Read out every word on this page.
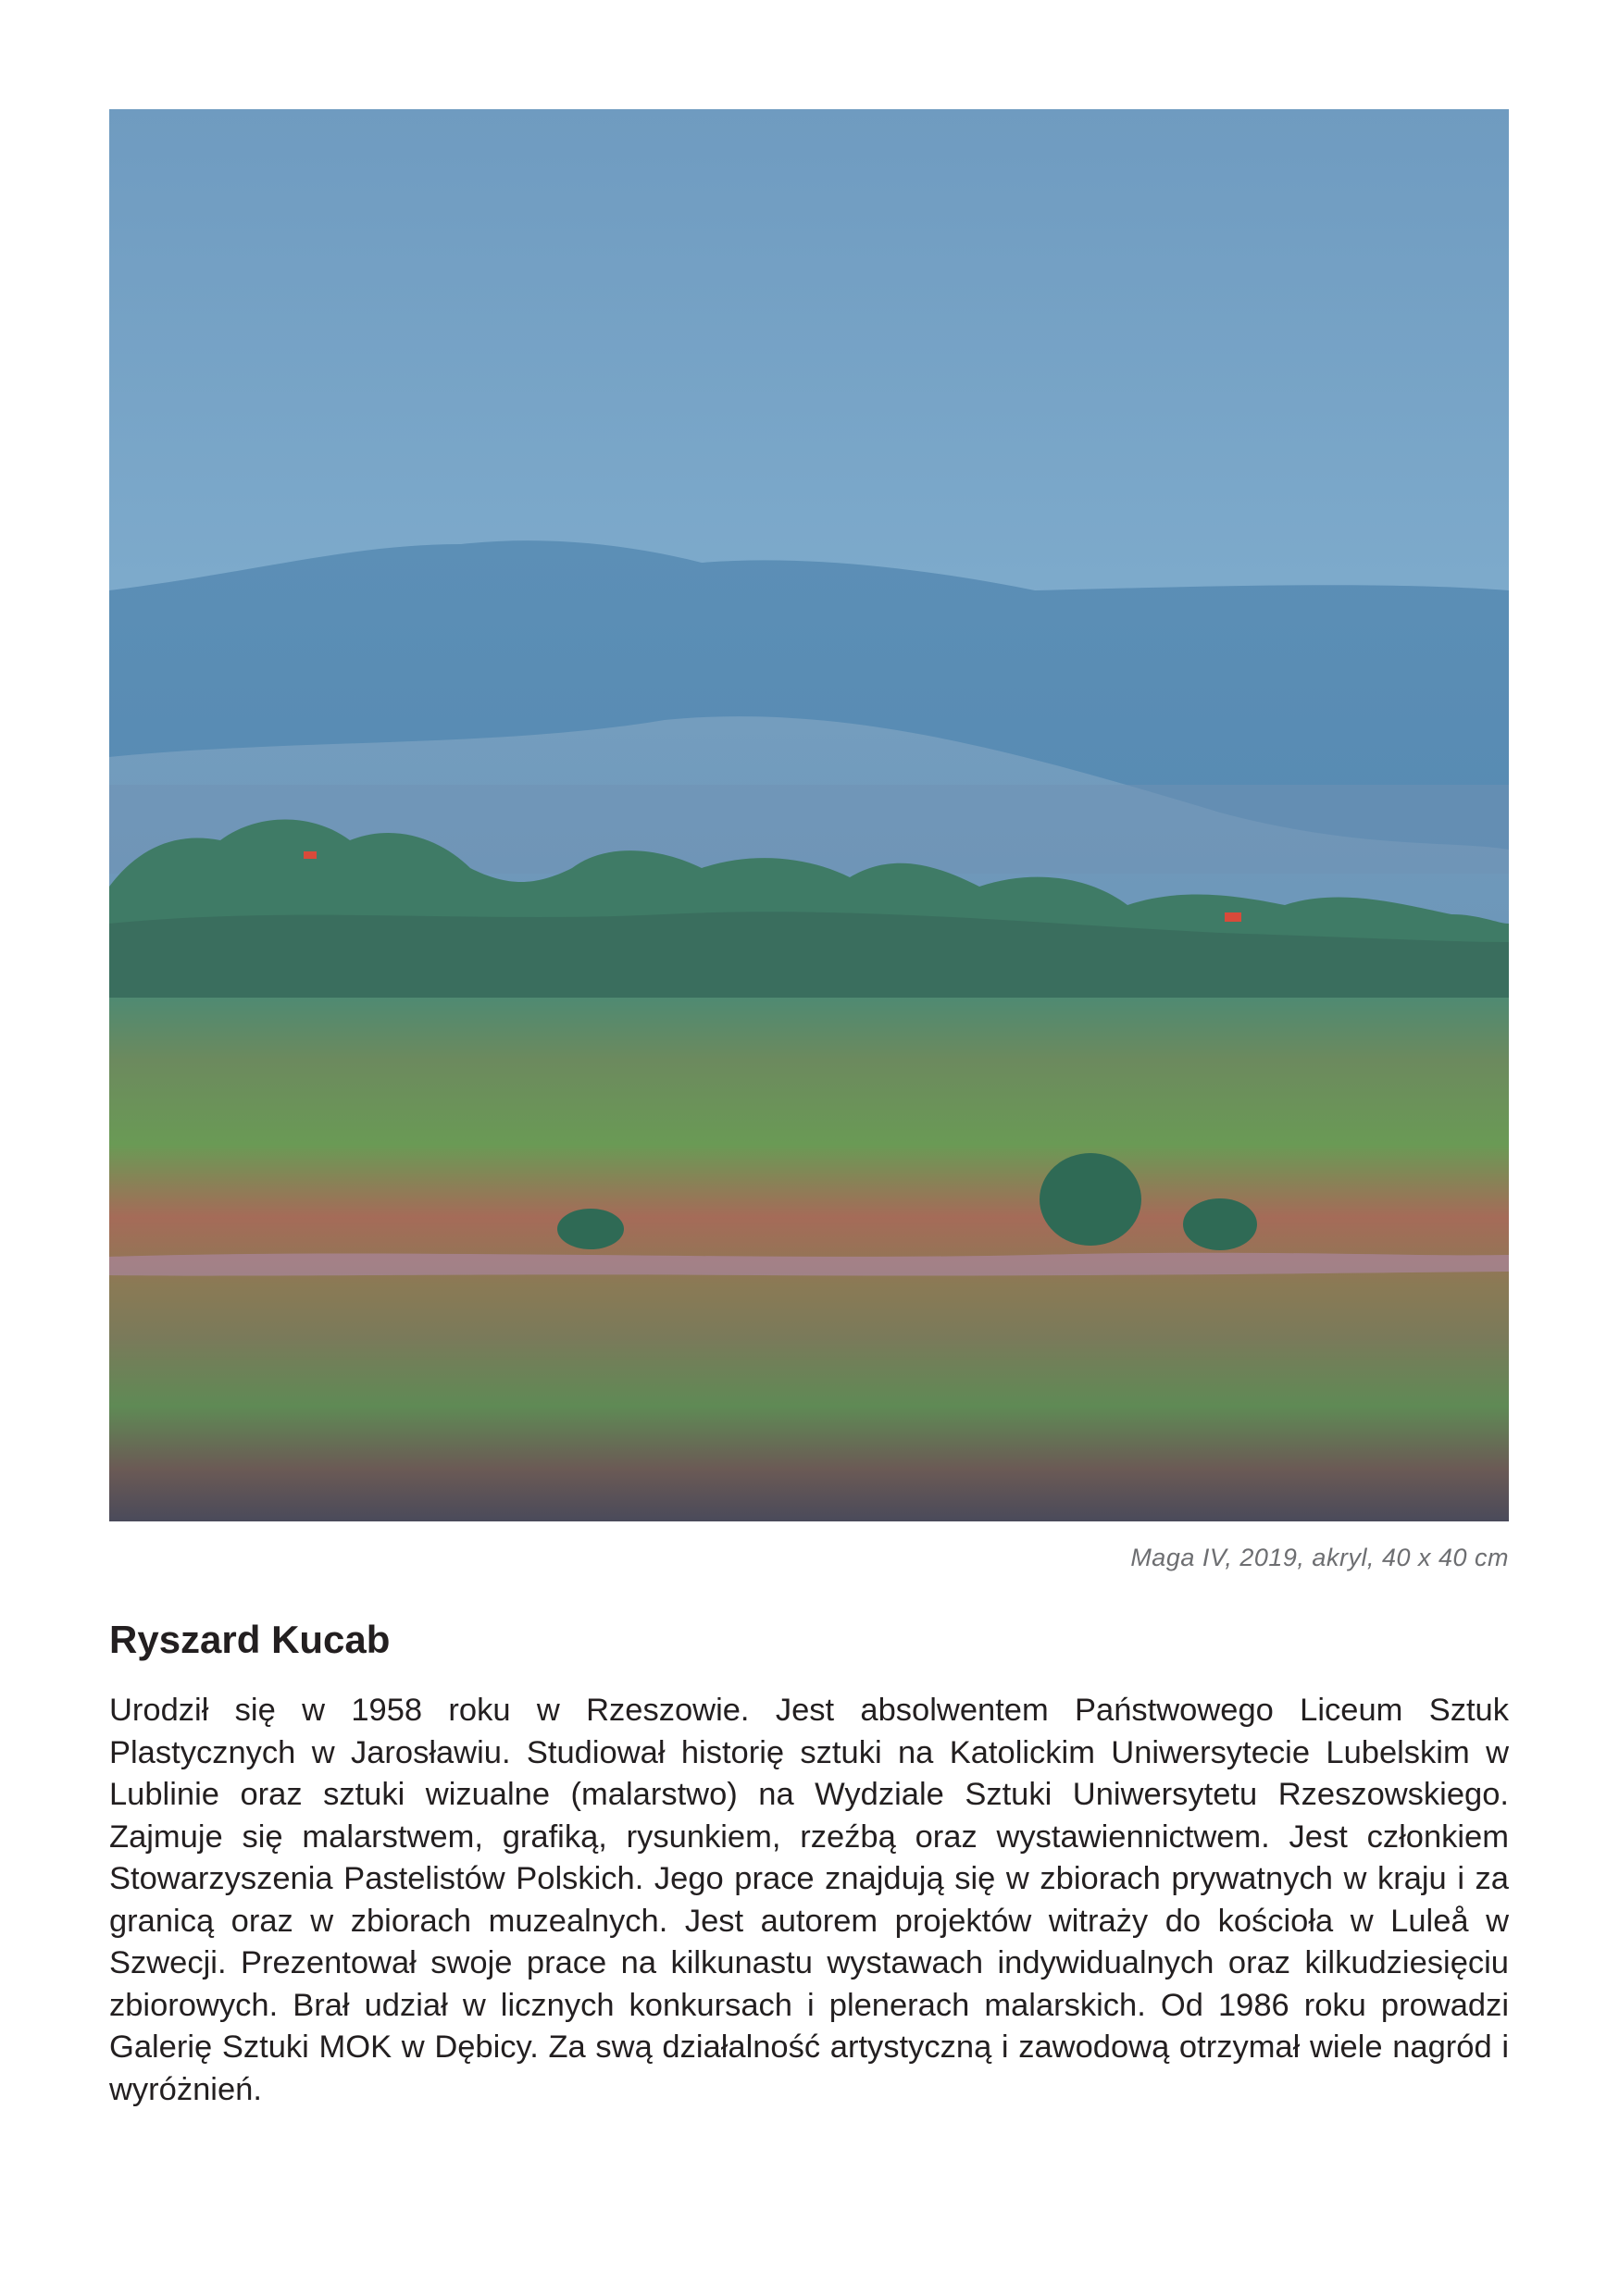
Maga IV, 2019, akryl, 40 x 40 cm
Ryszard Kucab

Urodził się w 1958 roku w Rzeszowie. Jest absolwentem Państwowego Liceum Sztuk Plastycznych w Jarosławiu. Studiował historię sztuki na Katolickim Uniwersytecie Lubelskim w Lublinie oraz sztuki wizualne (malarstwo) na Wydziale Sztuki Uniwersytetu Rzeszowskiego. Zajmuje się malarstwem, grafiką, rysunkiem, rzeźbą oraz wystawiennictwem. Jest członkiem Stowarzyszenia Pastelistów Polskich. Jego prace znajdują się w zbiorach prywatnych w kraju i za granicą oraz w zbiorach muzealnych. Jest autorem projektów witraży do kościoła w Luleå w Szwecji. Prezentował swoje prace na kilkunastu wystawach indywidualnych oraz kilkudziesięciu zbiorowych. Brał udział w licznych konkursach i plenerach malarskich. Od 1986 roku prowadzi Galerię Sztuki MOK w Dębicy. Za swą działalność artystyczną i zawodową otrzymał wiele nagród i wyróżnień.
